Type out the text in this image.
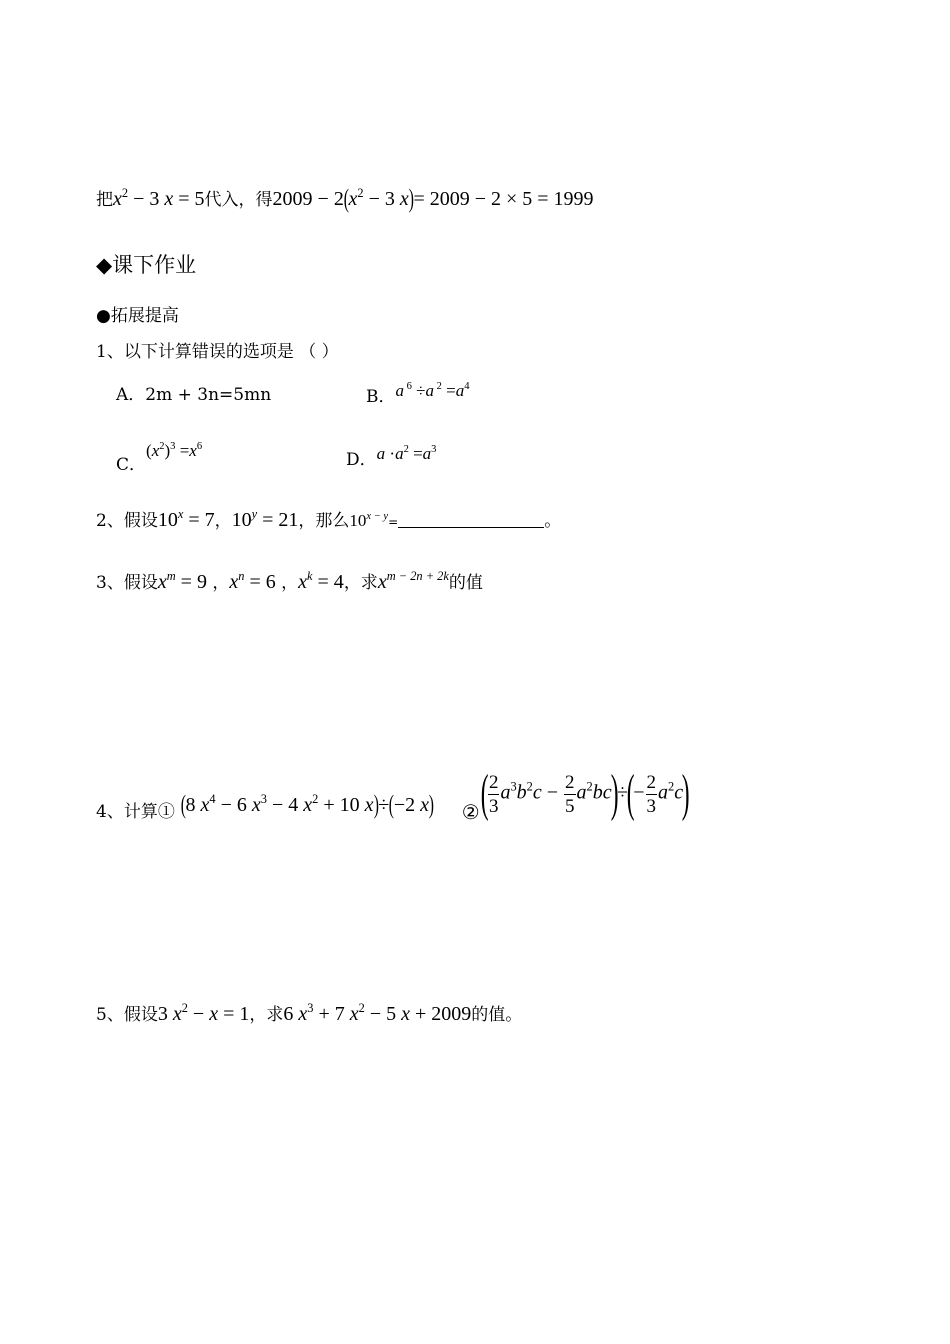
把$x^2 - 3$ x = 5代入，得$2009 - 2(x^2 - 3$ x)= 2009 − 2 × 5 = 1999
◆课下作业
●拓展提高
1、以下计算错误的选项是 （ ）
A．2m + 3n=5mn	B．a $^6$ ÷a $^2 =a^4$
C．$(x^2)^3 =x^6$
D．$a \cdot a^2 =a^3$
2、假设$10^x = 7$，$10^y = 21$，那么$10^{x - y}=$	。
3、假设$x^m = 9$ ，$x^n = 6$ ，$x^k = 4$，求$x^{m - 2n + 2k}$的值
4、计算① (8 $x^4 - 6$ $x^3 - 4$ $x^2 + 10$ x)÷(−2 x) ② ( $\frac{2}{3} a^3b^2c - \frac{2}{5} a^2bc)\div(- \frac{2}{3} a^2c)$
5、假设3 $x^2 - x = 1$，求6 $x^3 + 7$ $x^2 - 5$ x + 2009的值。
